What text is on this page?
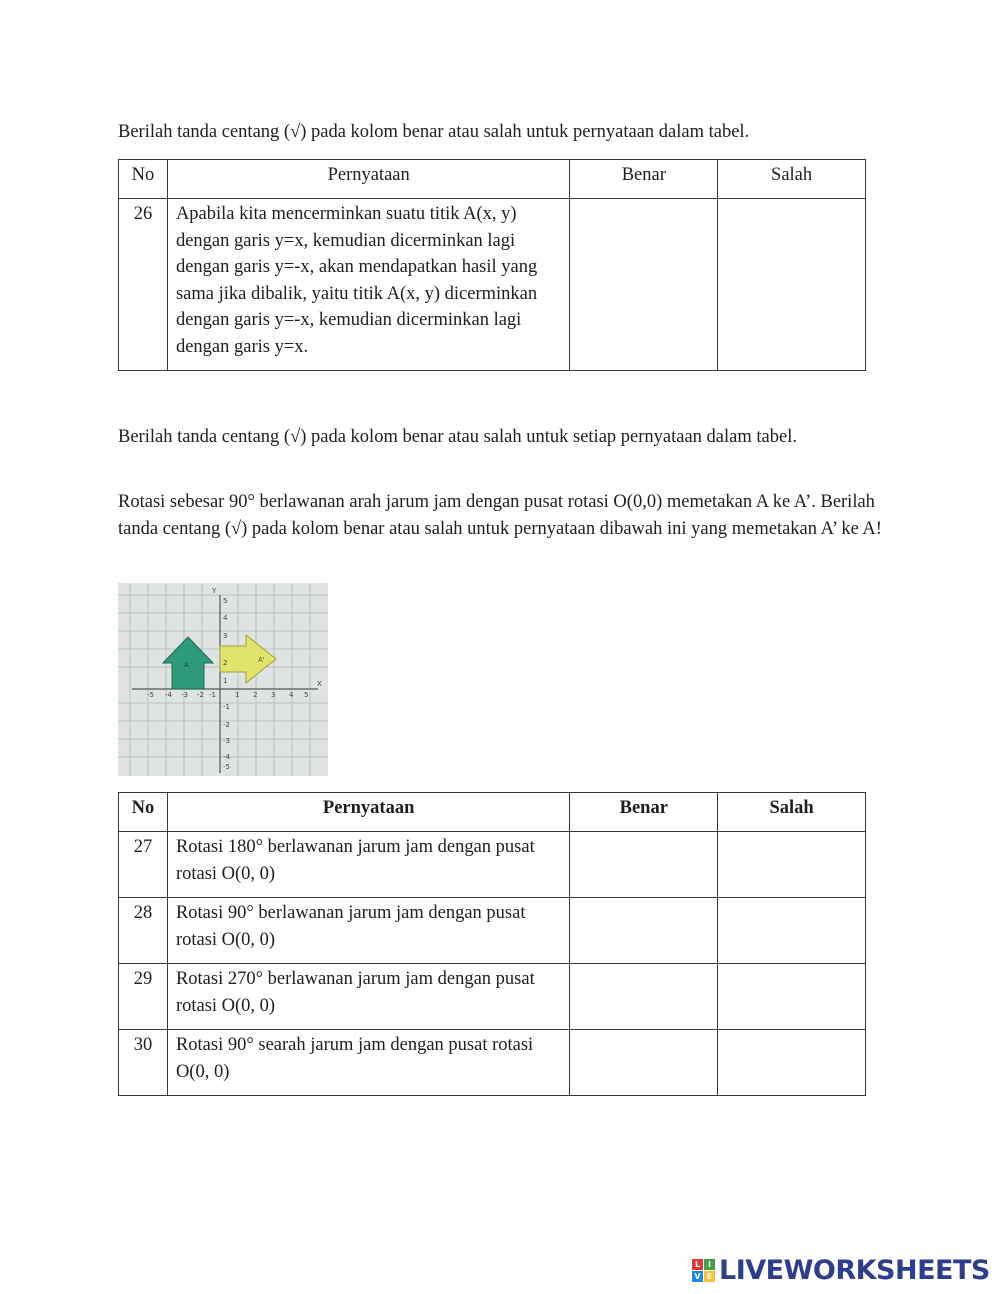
Berilah tanda centang (√) pada kolom benar atau salah untuk pernyataan dalam tabel.

No	Pernyataan	Benar	Salah
26	Apabila kita mencerminkan suatu titik A(x, y) dengan garis y=x, kemudian dicerminkan lagi dengan garis y=-x, akan mendapatkan hasil yang sama jika dibalik, yaitu titik A(x, y) dicerminkan dengan garis y=-x, kemudian dicerminkan lagi dengan garis y=x.		

Berilah tanda centang (√) pada kolom benar atau salah untuk setiap pernyataan dalam tabel.

Rotasi sebesar 90° berlawanan arah jarum jam dengan pusat rotasi O(0,0) memetakan A ke A’. Berilah tanda centang (√) pada kolom benar atau salah untuk pernyataan dibawah ini yang memetakan A’ ke A!

-5 -4 -3 -2 -1	1 2 3 4 5
5
4
3
2
1
-1
-2
-3
-4
-5
X
Y
A
A'
No	Pernyataan	Benar	Salah
27	Rotasi 180° berlawanan jarum jam dengan pusat rotasi O(0, 0)		
28	Rotasi 90° berlawanan jarum jam dengan pusat rotasi O(0, 0)		
29	Rotasi 270° berlawanan jarum jam dengan pusat rotasi O(0, 0)		
30	Rotasi 90° searah jarum jam dengan pusat rotasi O(0, 0)		
L I
V E LIVEWORKSHEETS
